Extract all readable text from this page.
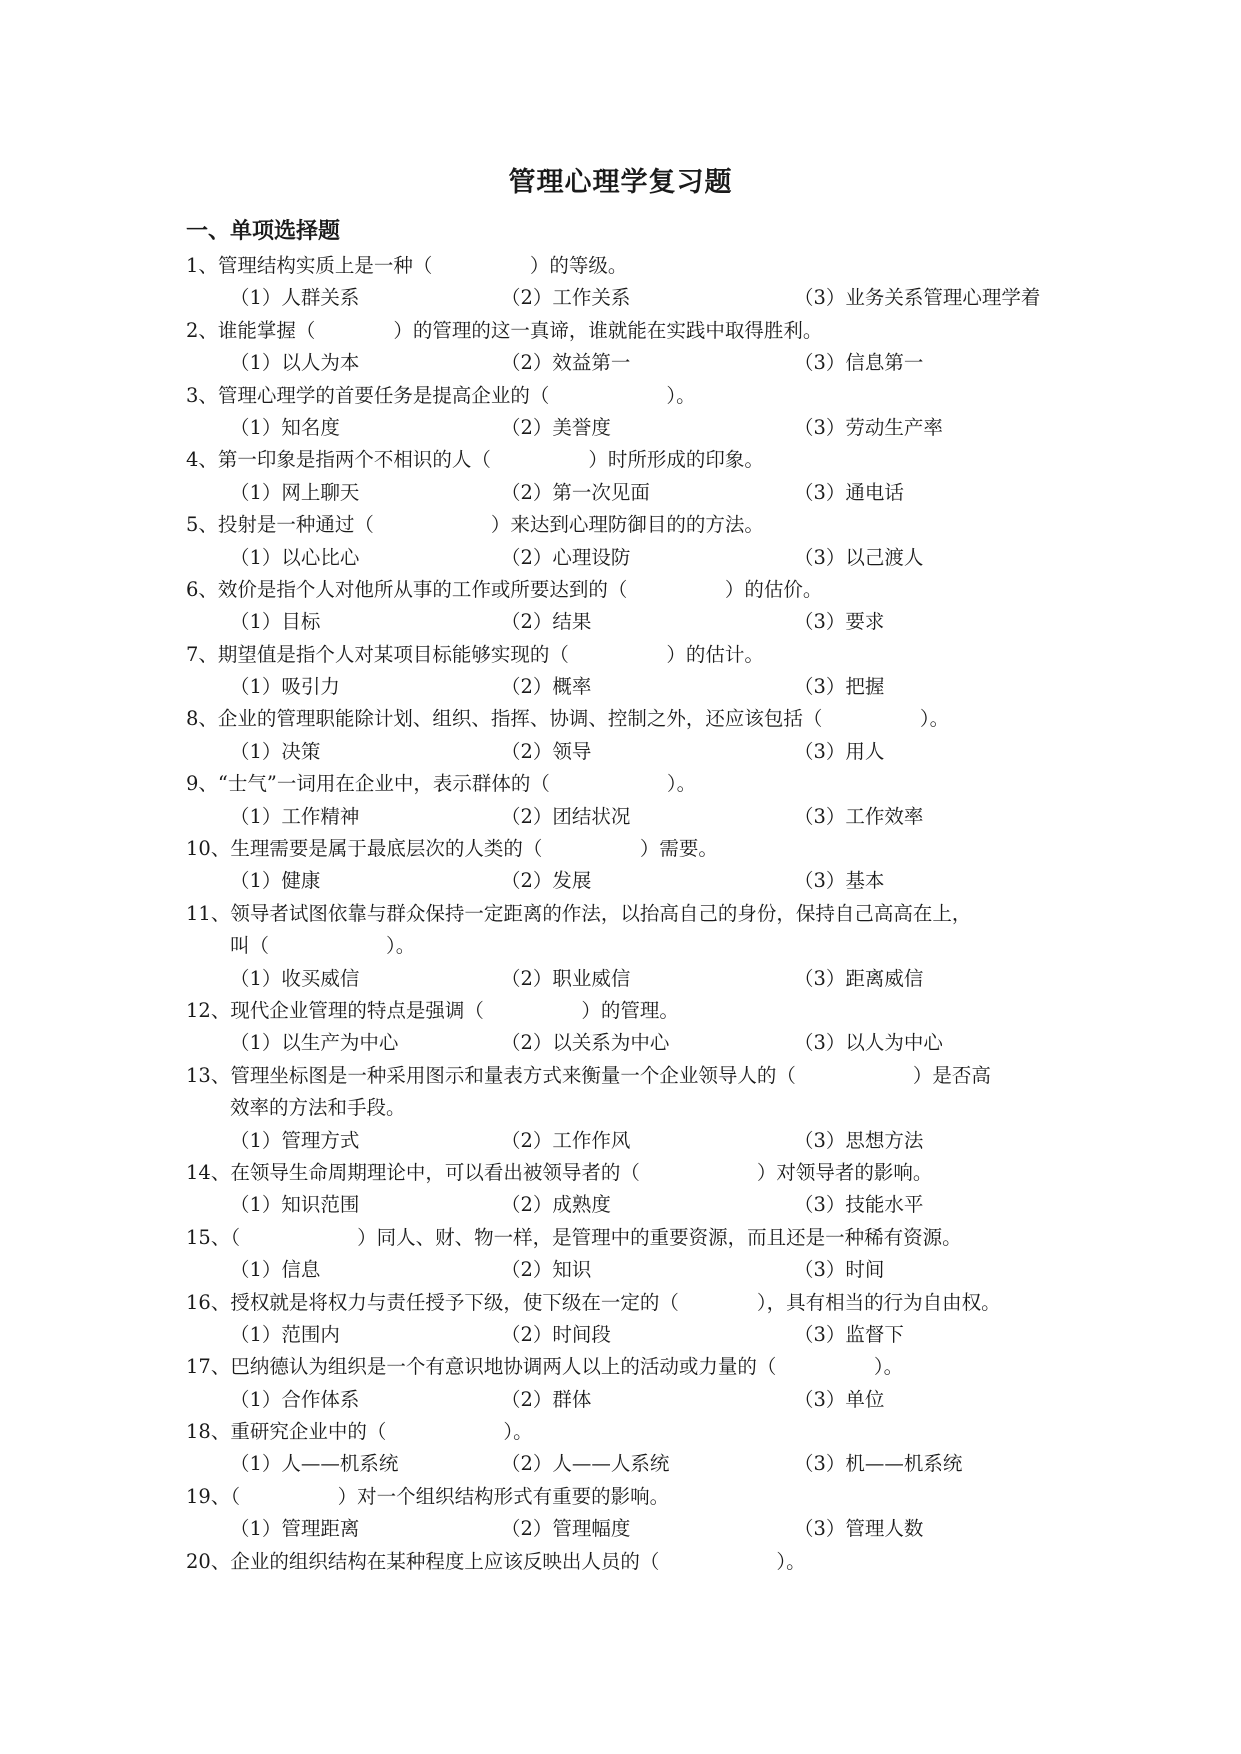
管理心理学复习题
一、单项选择题
1、管理结构实质上是一种（　　　　　）的等级。
（1）人群关系	（2）工作关系	（3）业务关系管理心理学着
2、谁能掌握（　　　　）的管理的这一真谛，谁就能在实践中取得胜利。
（1）以人为本	（2）效益第一	（3）信息第一
3、管理心理学的首要任务是提高企业的（　　　　　　）。
（1）知名度	（2）美誉度	（3）劳动生产率
4、第一印象是指两个不相识的人（　　　　　）时所形成的印象。
（1）网上聊天	（2）第一次见面	（3）通电话
5、投射是一种通过（　　　　　　）来达到心理防御目的的方法。
（1）以心比心	（2）心理设防	（3）以己渡人
6、效价是指个人对他所从事的工作或所要达到的（　　　　　）的估价。
（1）目标	（2）结果	（3）要求
7、期望值是指个人对某项目标能够实现的（　　　　　）的估计。
（1）吸引力	（2）概率	（3）把握
8、企业的管理职能除计划、组织、指挥、协调、控制之外，还应该包括（　　　　　）。
（1）决策	（2）领导	（3）用人
9、“士气”一词用在企业中，表示群体的（　　　　　　）。
（1）工作精神	（2）团结状况	（3）工作效率
10、生理需要是属于最底层次的人类的（　　　　　）需要。
（1）健康	（2）发展	（3）基本
11、领导者试图依靠与群众保持一定距离的作法，以抬高自己的身份，保持自己高高在上，
叫（　　　　　　）。
（1）收买威信	（2）职业威信	（3）距离威信
12、现代企业管理的特点是强调（　　　　　）的管理。
（1）以生产为中心	（2）以关系为中心	（3）以人为中心
13、管理坐标图是一种采用图示和量表方式来衡量一个企业领导人的（　　　　　　）是否高
效率的方法和手段。
（1）管理方式	（2）工作作风	（3）思想方法
14、在领导生命周期理论中，可以看出被领导者的（　　　　　　）对领导者的影响。
（1）知识范围	（2）成熟度	（3）技能水平
15、（　　　　　　）同人、财、物一样，是管理中的重要资源，而且还是一种稀有资源。
（1）信息	（2）知识	（3）时间
16、授权就是将权力与责任授予下级，使下级在一定的（　　　　），具有相当的行为自由权。
（1）范围内	（2）时间段	（3）监督下
17、巴纳德认为组织是一个有意识地协调两人以上的活动或力量的（　　　　　）。
（1）合作体系	（2）群体	（3）单位
18、重研究企业中的（　　　　　　）。
（1）人——机系统	（2）人——人系统	（3）机——机系统
19、（　　　　　）对一个组织结构形式有重要的影响。
（1）管理距离	（2）管理幅度	（3）管理人数
20、企业的组织结构在某种程度上应该反映出人员的（　　　　　　）。
